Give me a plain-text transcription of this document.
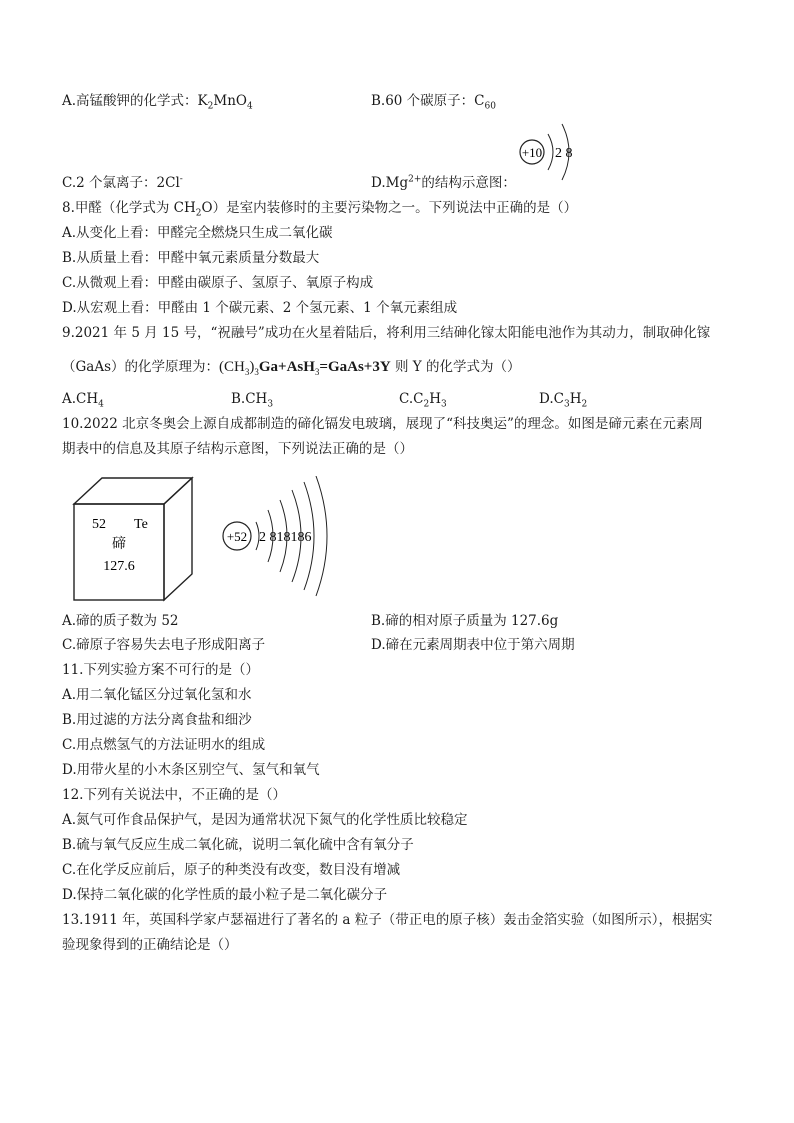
A.高锰酸钾的化学式：$K_2MnO_4$	B.60 个碳原子：$C_{60}$
+10 2 8
C.2 个氯离子：2Cl-	$D.Mg^{2+}$的结构示意图：
8.甲醛（化学式为 $CH_2O$）是室内装修时的主要污染物之一。下列说法中正确的是（）
A.从变化上看：甲醛完全燃烧只生成二氧化碳
B.从质量上看：甲醛中氧元素质量分数最大
C.从微观上看：甲醛由碳原子、氢原子、氧原子构成
D.从宏观上看：甲醛由 1 个碳元素、2 个氢元素、1 个氧元素组成
9.2021 年 5 月 15 号，“祝融号”成功在火星着陆后，将利用三结砷化镓太阳能电池作为其动力，制取砷化镓
（GaAs）的化学原理为：$(CH_3)_3Ga+AsH_3=GaAs+3Y$ 则 Y 的化学式为（）
$A.CH_4$	$B.CH_3$	$C.C_2H_3$	$D.C_3H_2$
10.2022 北京冬奥会上源自成都制造的碲化镉发电玻璃，展现了“科技奥运”的理念。如图是碲元素在元素周
期表中的信息及其原子结构示意图，下列说法正确的是（）
52 Te
碲
127.6
+52 2 818186
A.碲的质子数为 52	B.碲的相对原子质量为 127.6g
C.碲原子容易失去电子形成阳离子	D.碲在元素周期表中位于第六周期
11.下列实验方案不可行的是（）
A.用二氧化锰区分过氧化氢和水
B.用过滤的方法分离食盐和细沙
C.用点燃氢气的方法证明水的组成
D.用带火星的小木条区别空气、氢气和氧气
12.下列有关说法中，不正确的是（）
A.氮气可作食品保护气，是因为通常状况下氮气的化学性质比较稳定
B.硫与氧气反应生成二氧化硫，说明二氧化硫中含有氧分子
C.在化学反应前后，原子的种类没有改变，数目没有增减
D.保持二氧化碳的化学性质的最小粒子是二氧化碳分子
13.1911 年，英国科学家卢瑟福进行了著名的 a 粒子（带正电的原子核）轰击金箔实验（如图所示），根据实
验现象得到的正确结论是（）
